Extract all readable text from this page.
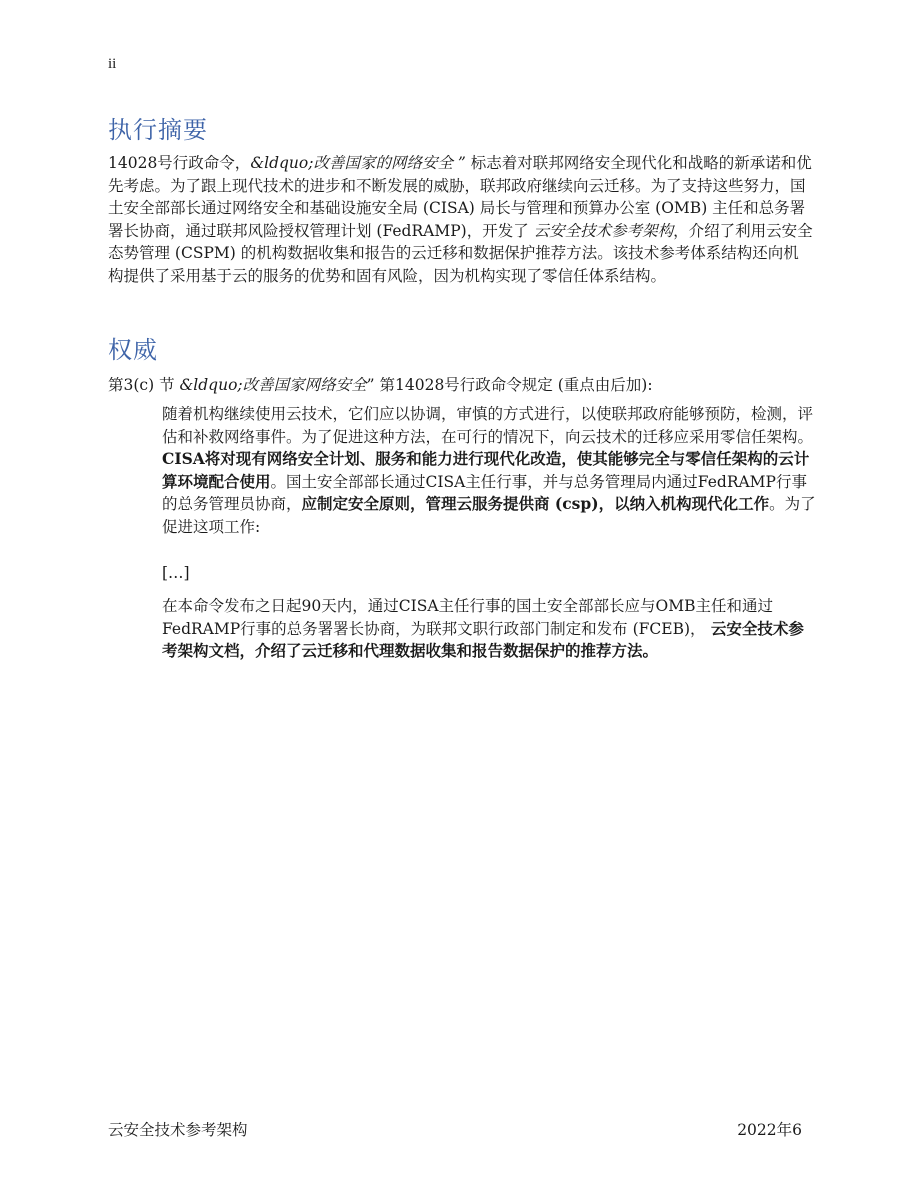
ii
执行摘要

14028号行政命令，&ldquo;改善国家的网络安全 ” 标志着对联邦网络安全现代化和战略的新承诺和优先考虑。为了跟上现代技术的进步和不断发展的威胁，联邦政府继续向云迁移。为了支持这些努力，国土安全部部长通过网络安全和基础设施安全局 (CISA) 局长与管理和预算办公室 (OMB) 主任和总务署署长协商，通过联邦风险授权管理计划 (FedRAMP)，开发了 云安全技术参考架构，介绍了利用云安全态势管理 (CSPM) 的机构数据收集和报告的云迁移和数据保护推荐方法。该技术参考体系结构还向机构提供了采用基于云的服务的优势和固有风险，因为机构实现了零信任体系结构。

权威

第3(c) 节 &ldquo;改善国家网络安全” 第14028号行政命令规定 (重点由后加):

随着机构继续使用云技术，它们应以协调，审慎的方式进行，以使联邦政府能够预防，检测，评估和补救网络事件。为了促进这种方法，在可行的情况下，向云技术的迁移应采用零信任架构。CISA将对现有网络安全计划、服务和能力进行现代化改造，使其能够完全与零信任架构的云计算环境配合使用。国土安全部部长通过CISA主任行事，并与总务管理局内通过FedRAMP行事的总务管理员协商，应制定安全原则，管理云服务提供商 (csp)，以纳入机构现代化工作。为了促进这项工作:

[…]

在本命令发布之日起90天内，通过CISA主任行事的国土安全部部长应与OMB主任和通过FedRAMP行事的总务署署长协商，为联邦文职行政部门制定和发布 (FCEB)， 云安全技术参考架构文档，介绍了云迁移和代理数据收集和报告数据保护的推荐方法。

云安全技术参考架构	2022年6
